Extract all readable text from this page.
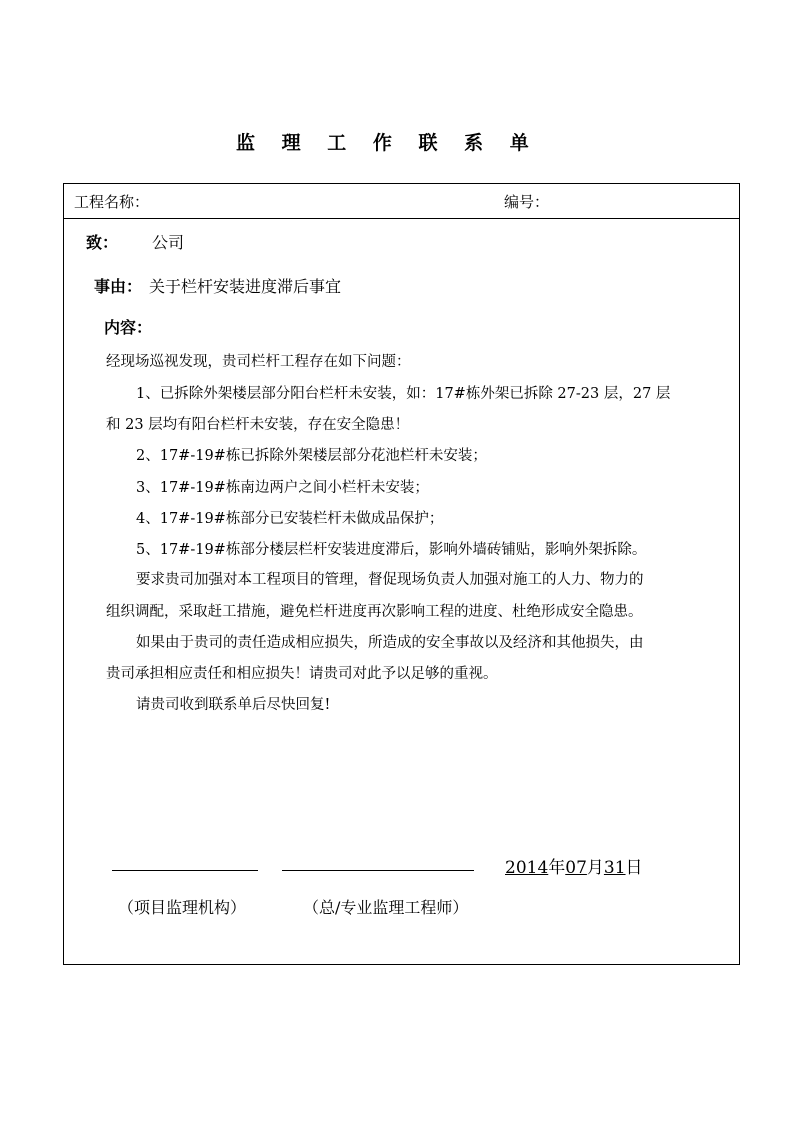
监 理 工 作 联 系 单
工程名称：	编号：
致： 公司
事由： 关于栏杆安装进度滞后事宜
内容：
经现场巡视发现，贵司栏杆工程存在如下问题：
1、已拆除外架楼层部分阳台栏杆未安装，如：17#栋外架已拆除 27-23 层，27 层
和 23 层均有阳台栏杆未安装，存在安全隐患！
2、17#-19#栋已拆除外架楼层部分花池栏杆未安装；
3、17#-19#栋南边两户之间小栏杆未安装；
4、17#-19#栋部分已安装栏杆未做成品保护；
5、17#-19#栋部分楼层栏杆安装进度滞后，影响外墙砖铺贴，影响外架拆除。
要求贵司加强对本工程项目的管理，督促现场负责人加强对施工的人力、物力的
组织调配，采取赶工措施，避免栏杆进度再次影响工程的进度、杜绝形成安全隐患。
如果由于贵司的责任造成相应损失，所造成的安全事故以及经济和其他损失，由
贵司承担相应责任和相应损失！请贵司对此予以足够的重视。
请贵司收到联系单后尽快回复!
2014年07月31日
（项目监理机构）	（总/专业监理工程师）
